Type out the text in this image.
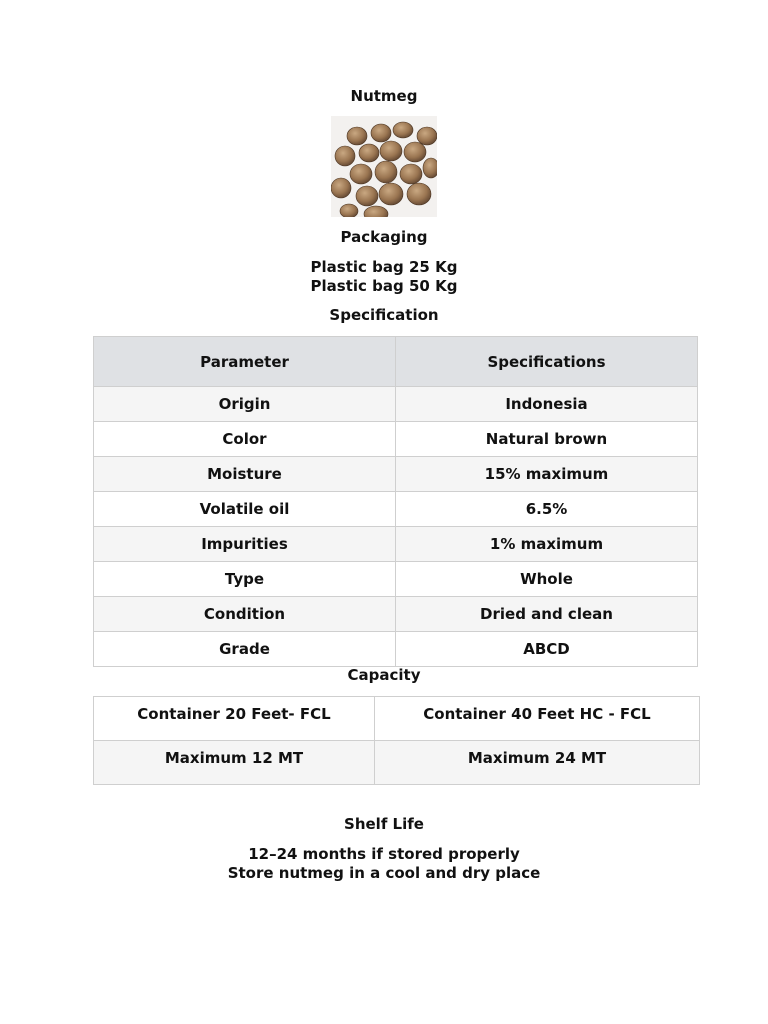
Nutmeg
Packaging
Plastic bag 25 Kg
Plastic bag 50 Kg
Specification
Parameter	Specifications
Origin	Indonesia
Color	Natural brown
Moisture	15% maximum
Volatile oil	6.5%
Impurities	1% maximum
Type	Whole
Condition	Dried and clean
Grade	ABCD
Capacity
Container 20 Feet- FCL	Container 40 Feet HC - FCL
Maximum 12 MT	Maximum 24 MT
Shelf Life
12–24 months if stored properly
Store nutmeg in a cool and dry place
